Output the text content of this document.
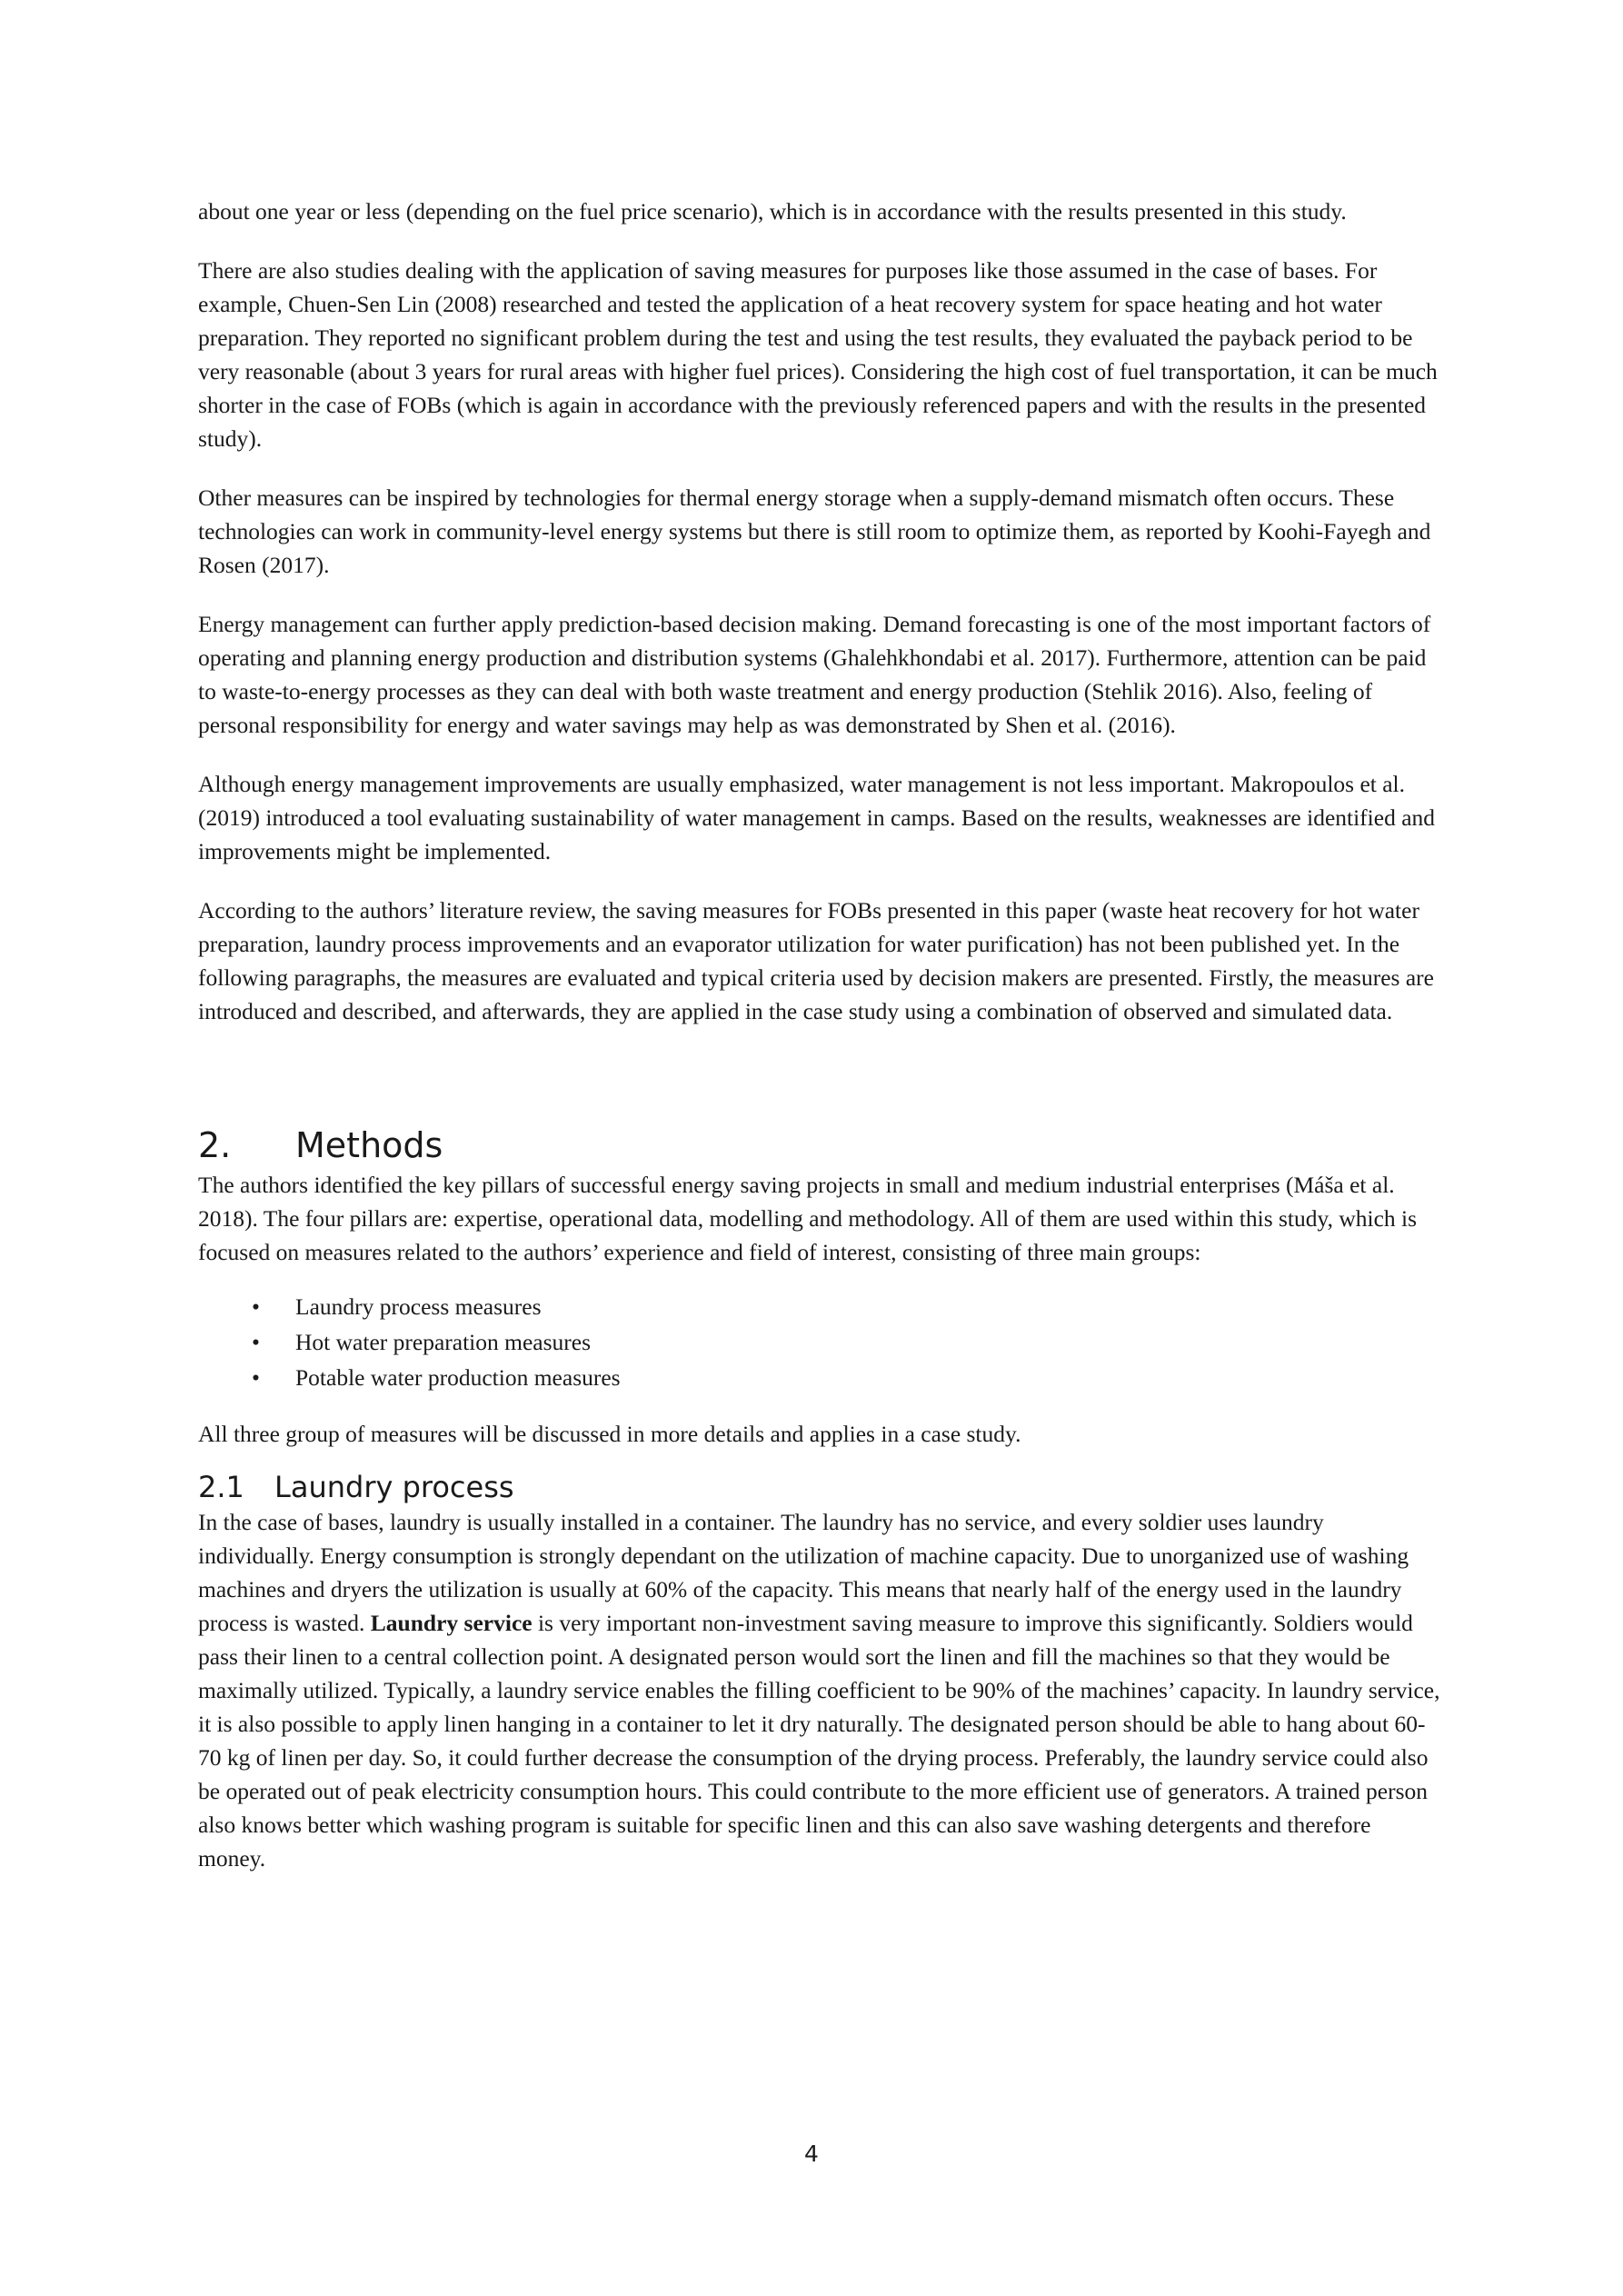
about one year or less (depending on the fuel price scenario), which is in accordance with the results presented in this study.

There are also studies dealing with the application of saving measures for purposes like those assumed in the case of bases. For example, Chuen-Sen Lin (2008) researched and tested the application of a heat recovery system for space heating and hot water preparation. They reported no significant problem during the test and using the test results, they evaluated the payback period to be very reasonable (about 3 years for rural areas with higher fuel prices). Considering the high cost of fuel transportation, it can be much shorter in the case of FOBs (which is again in accordance with the previously referenced papers and with the results in the presented study).

Other measures can be inspired by technologies for thermal energy storage when a supply-demand mismatch often occurs. These technologies can work in community-level energy systems but there is still room to optimize them, as reported by Koohi-Fayegh and Rosen (2017).

Energy management can further apply prediction-based decision making. Demand forecasting is one of the most important factors of operating and planning energy production and distribution systems (Ghalehkhondabi et al. 2017). Furthermore, attention can be paid to waste-to-energy processes as they can deal with both waste treatment and energy production (Stehlik 2016). Also, feeling of personal responsibility for energy and water savings may help as was demonstrated by Shen et al. (2016).

Although energy management improvements are usually emphasized, water management is not less important. Makropoulos et al. (2019) introduced a tool evaluating sustainability of water management in camps. Based on the results, weaknesses are identified and improvements might be implemented.

According to the authors’ literature review, the saving measures for FOBs presented in this paper (waste heat recovery for hot water preparation, laundry process improvements and an evaporator utilization for water purification) has not been published yet. In the following paragraphs, the measures are evaluated and typical criteria used by decision makers are presented. Firstly, the measures are introduced and described, and afterwards, they are applied in the case study using a combination of observed and simulated data.

2.	Methods

The authors identified the key pillars of successful energy saving projects in small and medium industrial enterprises (Máša et al. 2018). The four pillars are: expertise, operational data, modelling and methodology. All of them are used within this study, which is focused on measures related to the authors’ experience and field of interest, consisting of three main groups:

• Laundry process measures
• Hot water preparation measures
• Potable water production measures

All three group of measures will be discussed in more details and applies in a case study.

2.1	Laundry process

In the case of bases, laundry is usually installed in a container. The laundry has no service, and every soldier uses laundry individually. Energy consumption is strongly dependant on the utilization of machine capacity. Due to unorganized use of washing machines and dryers the utilization is usually at 60% of the capacity. This means that nearly half of the energy used in the laundry process is wasted. Laundry service is very important non-investment saving measure to improve this significantly. Soldiers would pass their linen to a central collection point. A designated person would sort the linen and fill the machines so that they would be maximally utilized. Typically, a laundry service enables the filling coefficient to be 90% of the machines’ capacity. In laundry service, it is also possible to apply linen hanging in a container to let it dry naturally. The designated person should be able to hang about 60-70 kg of linen per day. So, it could further decrease the consumption of the drying process. Preferably, the laundry service could also be operated out of peak electricity consumption hours. This could contribute to the more efficient use of generators. A trained person also knows better which washing program is suitable for specific linen and this can also save washing detergents and therefore money.

4
